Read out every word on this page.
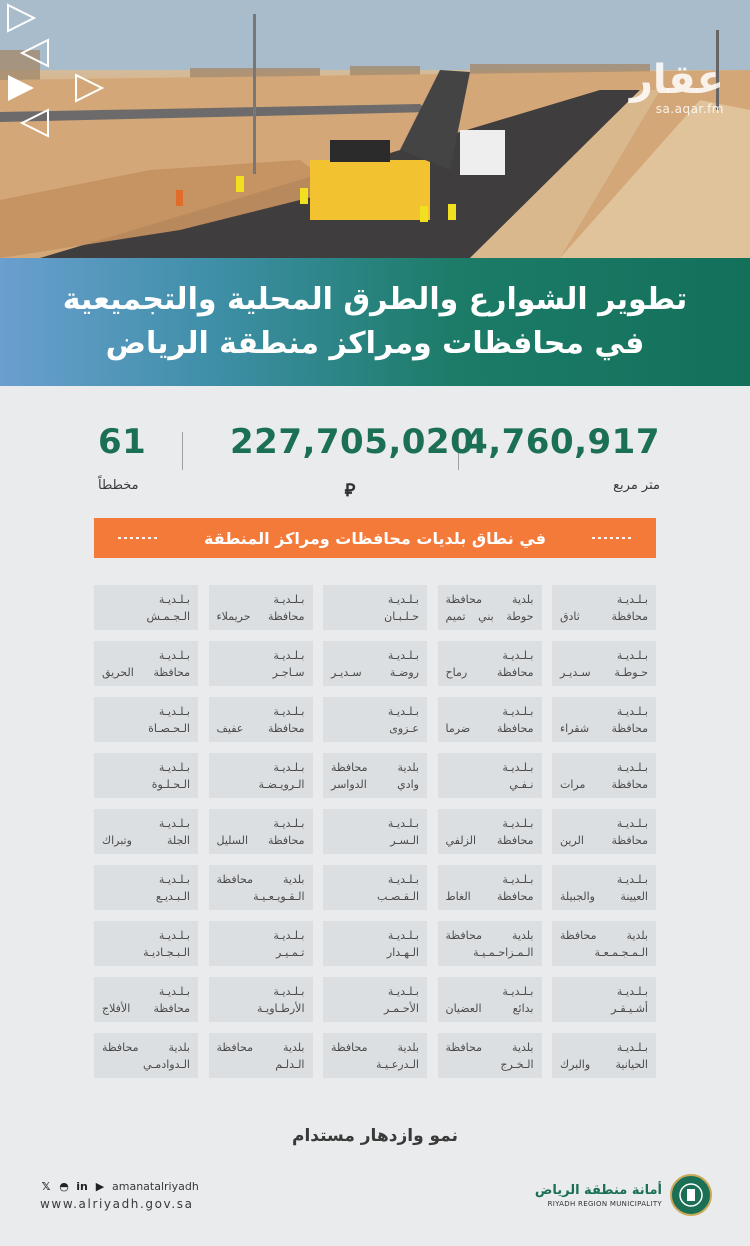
عقار
sa.aqar.fm
تطوير الشوارع والطرق المحلية والتجميعية
في محافظات ومراكز منطقة الرياض
4,760,917
متر مربع
227,705,020
⃁
61
مخططاً
في نطاق بلديات محافظات ومراكز المنطقة
بـلـديـة
محافظة ثادق
بلدية محافظة
حوطة بني تميم
بـلـديـة
حـلـبـان
بـلـديـة
محافظة حريملاء
بـلـديـة
الـجـمـش
بـلـديـة
حـوطـة سـديـر
بـلـديـة
محافظة رماح
بـلـديـة
روضـة سـديـر
بـلـديـة
سـاجـر
بـلـديـة
محافظة الحريق
بـلـديـة
محافظة شقراء
بـلـديـة
محافظة ضرما
بـلـديـة
عـزوى
بـلـديـة
محافظة عفيف
بـلـديـة
الـحـصـاة
بـلـديـة
محافظة مرات
بـلـديـة
نـفـي
بلدية محافظة
وادي الدواسر
بـلـديـة
الـرويـضـة
بـلـديـة
الـحـلـوة
بـلـديـة
محافظة الرين
بـلـديـة
محافظة الزلفي
بـلـديـة
الـسـر
بـلـديـة
محافظة السليل
بـلـديـة
الجلة وتبراك
بـلـديـة
العيينة والجبيلة
بـلـديـة
محافظة الغاط
بـلـديـة
الـقـصـب
بلدية محافظة
الـقـويـعـيـة
بـلـديـة
الـبـديـع
بلدية محافظة
الـمـجـمـعـة
بلدية محافظة
الـمـزاحـمـيـة
بـلـديـة
الـهـدار
بـلـديـة
تـمـيـر
بـلـديـة
الـبـجـاديـة
بـلـديـة
أشـيـقـر
بـلـديـة
بدائع العضيان
بـلـديـة
الأحـمـر
بـلـديـة
الأرطـاويـة
بـلـديـة
محافظة الأفلاج
بـلـديـة
الحيانية والبرك
بلدية محافظة
الـخـرج
بلدية محافظة
الـدرعـيـة
بلدية محافظة
الـدلـم
بلدية محافظة
الـدوادمـي
نمو وازدهار مستدام
𝕏 ◓ in ▶ amanatalriyadh
www.alriyadh.gov.sa
أمانة منطقة الرياض
RIYADH REGION MUNICIPALITY
